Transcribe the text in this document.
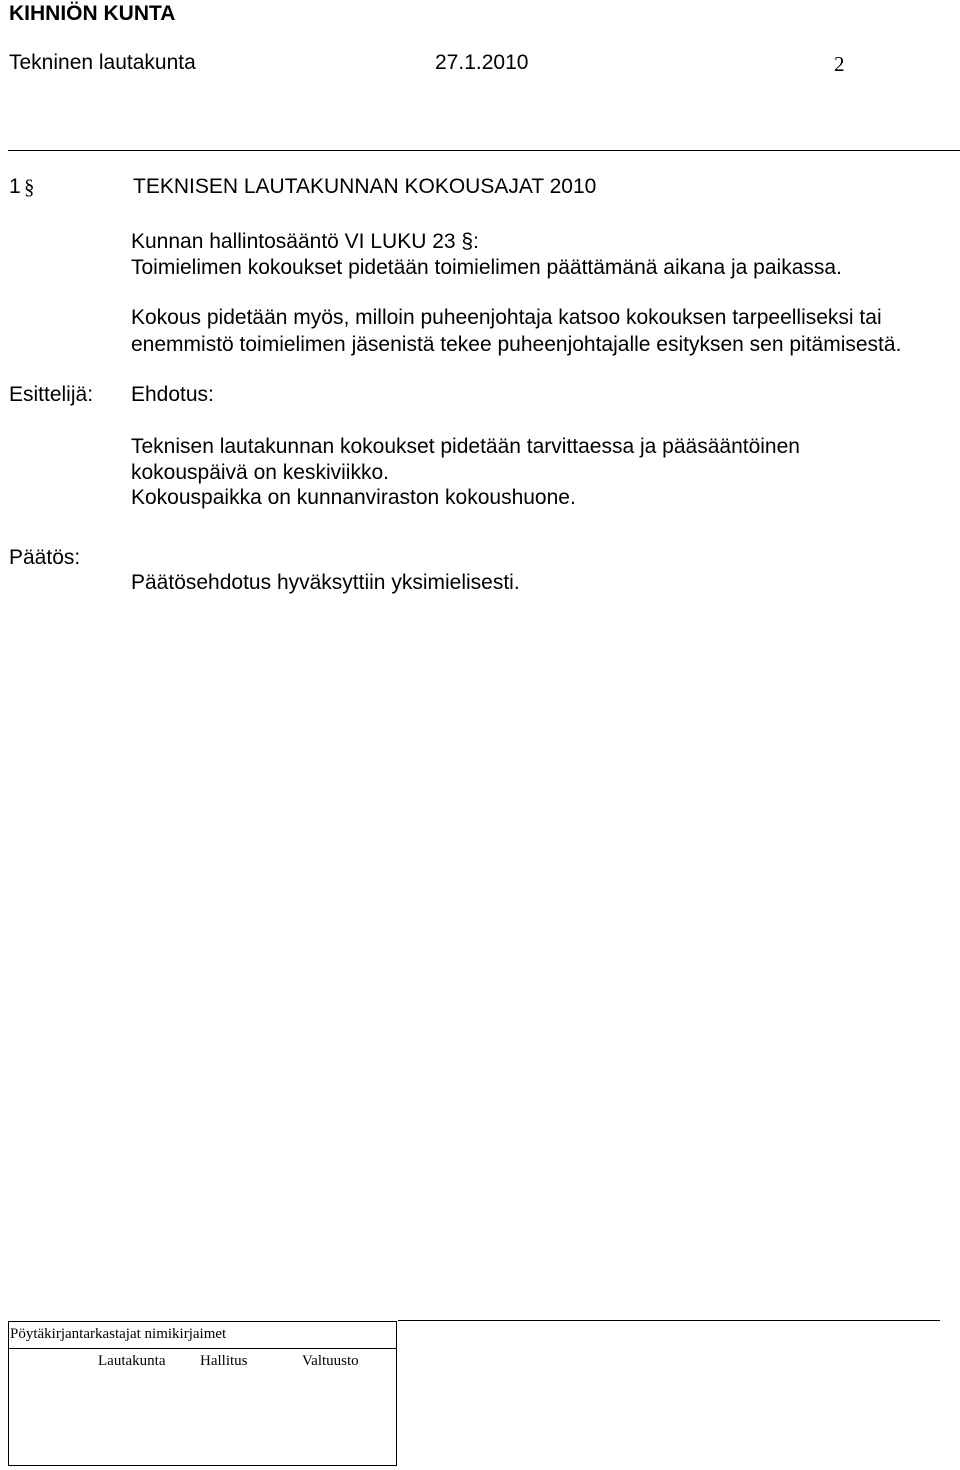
KIHNIÖN KUNTA
Tekninen lautakunta	27.1.2010	2
1 §	TEKNISEN LAUTAKUNNAN KOKOUSAJAT 2010
Kunnan hallintosääntö VI LUKU 23 §:
Toimielimen kokoukset pidetään toimielimen päättämänä aikana ja paikassa.
Kokous pidetään myös, milloin puheenjohtaja katsoo kokouksen tarpeelliseksi tai
enemmistö toimielimen jäsenistä tekee puheenjohtajalle esityksen sen pitämisestä.
Esittelijä: Ehdotus:
Teknisen lautakunnan kokoukset pidetään tarvittaessa ja pääsääntöinen
kokouspäivä on keskiviikko.
Kokouspaikka on kunnanviraston kokoushuone.
Päätös:
Päätösehdotus hyväksyttiin yksimielisesti.
Pöytäkirjantarkastajat nimikirjaimet
Lautakunta Hallitus	Valtuusto
